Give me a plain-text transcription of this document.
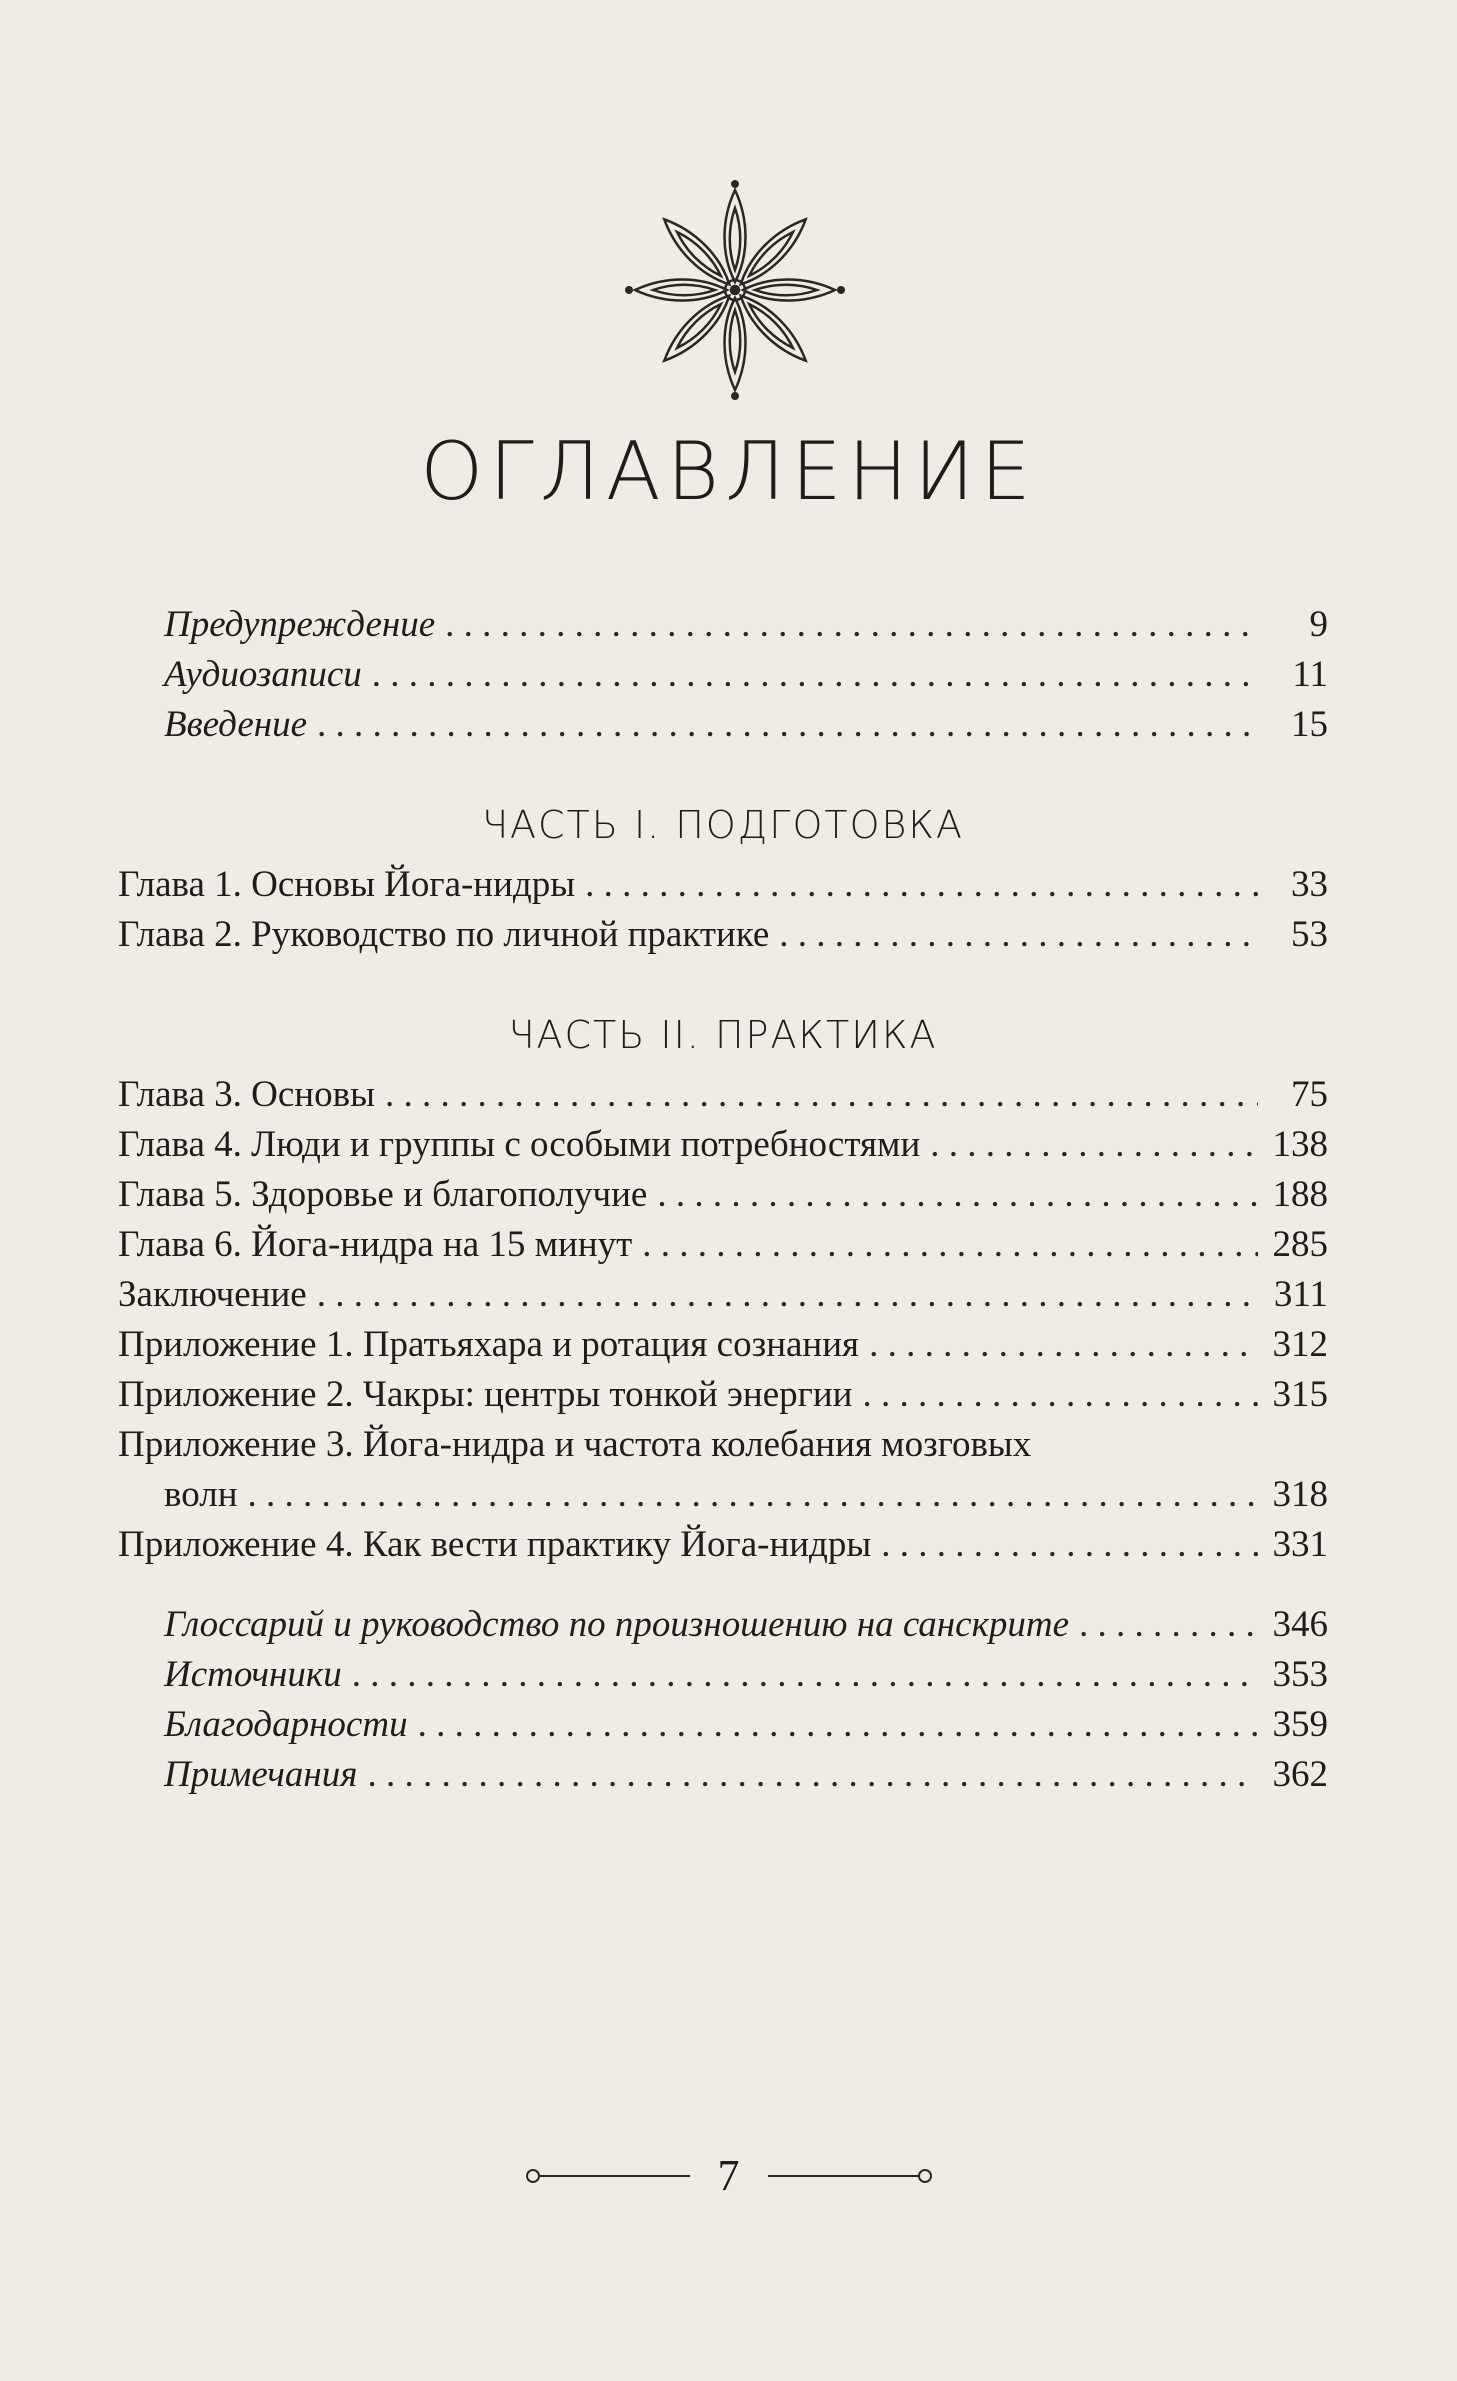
ОГЛАВЛЕНИЕ
Предупреждение . . .	9
Аудиозаписи . . .	11
Введение . . .	15
ЧАСТЬ I. ПОДГОТОВКА
Глава 1. Основы Йога-нидры . . .	33
Глава 2. Руководство по личной практике . . .	53
ЧАСТЬ II. ПРАКТИКА
Глава 3. Основы . . .	75
Глава 4. Люди и группы с особыми потребностями . . .	138
Глава 5. Здоровье и благополучие . . .	188
Глава 6. Йога-нидра на 15 минут . . .	285
Заключение . . .	311
Приложение 1. Пратьяхара и ротация сознания . . .	312
Приложение 2. Чакры: центры тонкой энергии . . .	315
Приложение 3. Йога-нидра и частота колебания мозговых
волн . . .	318
Приложение 4. Как вести практику Йога-нидры . . .	331
Глоссарий и руководство по произношению на санскрите . . .	346
Источники . . .	353
Благодарности . . .	359
Примечания . . .	362
7
